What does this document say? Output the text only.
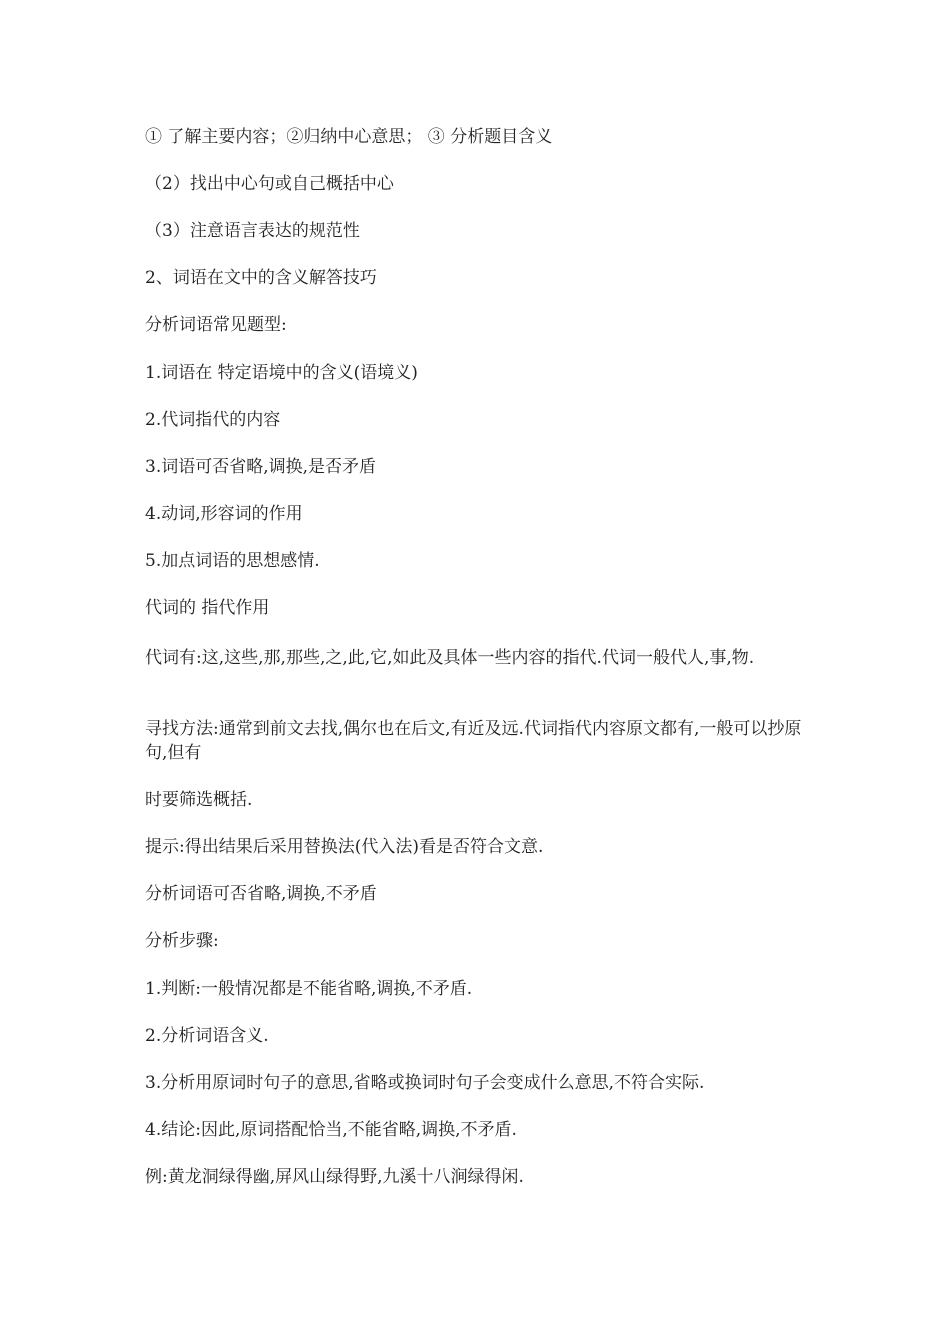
① 了解主要内容；②归纳中心意思； ③ 分析题目含义

（2）找出中心句或自己概括中心

（3）注意语言表达的规范性

2、词语在文中的含义解答技巧

分析词语常见题型:

1.词语在 特定语境中的含义(语境义)

2.代词指代的内容

3.词语可否省略,调换,是否矛盾

4.动词,形容词的作用

5.加点词语的思想感情.

代词的 指代作用

代词有:这,这些,那,那些,之,此,它,如此及具体一些内容的指代.代词一般代人,事,物.

寻找方法:通常到前文去找,偶尔也在后文,有近及远.代词指代内容原文都有,一般可以抄原句,但有

时要筛选概括.

提示:得出结果后采用替换法(代入法)看是否符合文意.

分析词语可否省略,调换,不矛盾

分析步骤:

1.判断:一般情况都是不能省略,调换,不矛盾.

2.分析词语含义.

3.分析用原词时句子的意思,省略或换词时句子会变成什么意思,不符合实际.

4.结论:因此,原词搭配恰当,不能省略,调换,不矛盾.

例:黄龙洞绿得幽,屏风山绿得野,九溪十八涧绿得闲.
